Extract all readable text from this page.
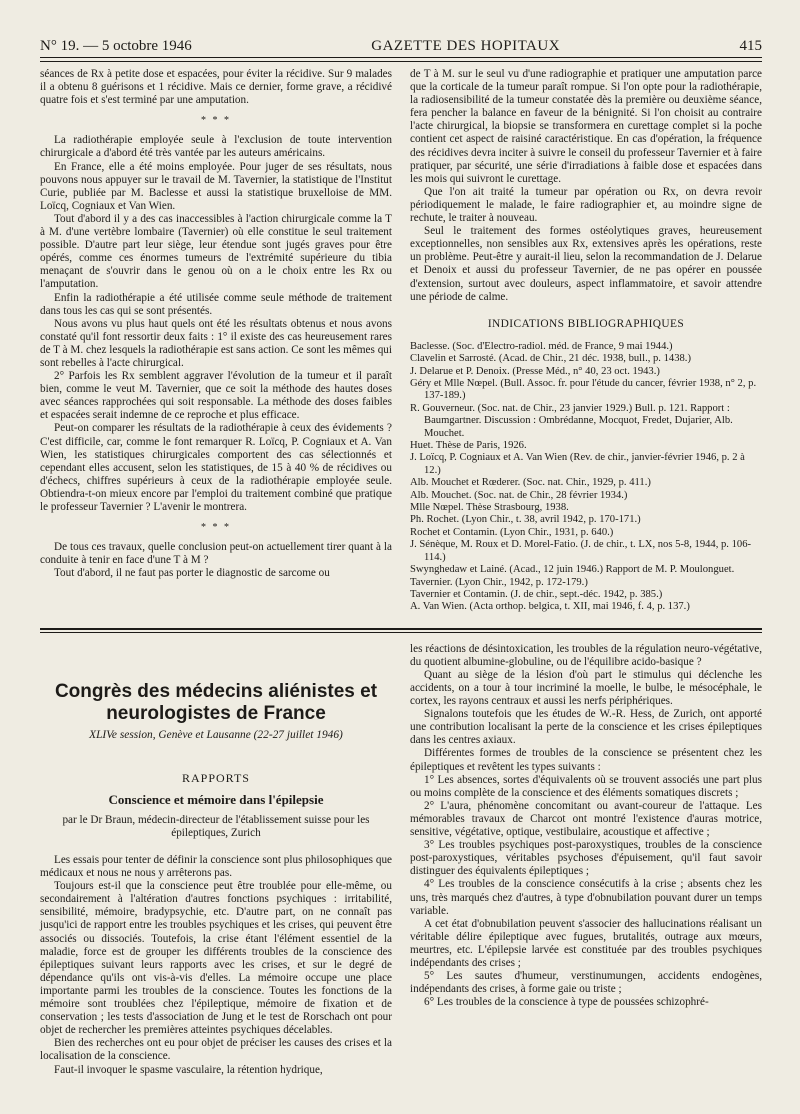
N° 19. — 5 octobre 1946	GAZETTE DES HOPITAUX	415

séances de Rx à petite dose et espacées, pour éviter la récidive. Sur 9 malades il a obtenu 8 guérisons et 1 récidive. Mais ce dernier, forme grave, a récidivé quatre fois et s'est terminé par une amputation.

* * *

La radiothérapie employée seule à l'exclusion de toute intervention chirurgicale a d'abord été très vantée par les auteurs américains.

En France, elle a été moins employée. Pour juger de ses résultats, nous pouvons nous appuyer sur le travail de M. Tavernier, la statistique de l'Institut Curie, publiée par M. Baclesse et aussi la statistique bruxelloise de MM. Loïcq, Cogniaux et Van Wien.

Tout d'abord il y a des cas inaccessibles à l'action chirurgicale comme la T à M. d'une vertèbre lombaire (Tavernier) où elle constitue le seul traitement possible. D'autre part leur siège, leur étendue sont jugés graves pour être opérés, comme ces énormes tumeurs de l'extrémité supérieure du tibia menaçant de s'ouvrir dans le genou où on a le choix entre les Rx ou l'amputation.

Enfin la radiothérapie a été utilisée comme seule méthode de traitement dans tous les cas qui se sont présentés.

Nous avons vu plus haut quels ont été les résultats obtenus et nous avons constaté qu'il font ressortir deux faits : 1° il existe des cas heureusement rares de T à M. chez lesquels la radiothérapie est sans action. Ce sont les mêmes qui sont rebelles à l'acte chirurgical.

2° Parfois les Rx semblent aggraver l'évolution de la tumeur et il paraît bien, comme le veut M. Tavernier, que ce soit la méthode des hautes doses avec séances rapprochées qui soit responsable. La méthode des doses faibles et espacées serait indemne de ce reproche et plus efficace.

Peut-on comparer les résultats de la radiothérapie à ceux des évidements ? C'est difficile, car, comme le font remarquer R. Loïcq, P. Cogniaux et A. Van Wien, les statistiques chirurgicales comportent des cas sélectionnés et cependant elles accusent, selon les statistiques, de 15 à 40 % de récidives ou d'échecs, chiffres supérieurs à ceux de la radiothérapie employée seule. Obtiendra-t-on mieux encore par l'emploi du traitement combiné que pratique le professeur Tavernier ? L'avenir le montrera.

* * *

De tous ces travaux, quelle conclusion peut-on actuellement tirer quant à la conduite à tenir en face d'une T à M ?

Tout d'abord, il ne faut pas porter le diagnostic de sarcome ou

de T à M. sur le seul vu d'une radiographie et pratiquer une amputation parce que la corticale de la tumeur paraît rompue. Si l'on opte pour la radiothérapie, la radiosensibilité de la tumeur constatée dès la première ou deuxième séance, fera pencher la balance en faveur de la bénignité. Si l'on choisit au contraire l'acte chirurgical, la biopsie se transformera en curettage complet si la poche contient cet aspect de raisiné caractéristique. En cas d'opération, la fréquence des récidives devra inciter à suivre le conseil du professeur Tavernier et à faire pratiquer, par sécurité, une série d'irradiations à faible dose et espacées dans les mois qui suivront le curettage.

Que l'on ait traité la tumeur par opération ou Rx, on devra revoir périodiquement le malade, le faire radiographier et, au moindre signe de rechute, le traiter à nouveau.

Seul le traitement des formes ostéolytiques graves, heureusement exceptionnelles, non sensibles aux Rx, extensives après les opérations, reste un problème. Peut-être y aurait-il lieu, selon la recommandation de J. Delarue et Denoix et aussi du professeur Tavernier, de ne pas opérer en poussée d'extension, surtout avec douleurs, aspect inflammatoire, et savoir attendre une période de calme.

INDICATIONS BIBLIOGRAPHIQUES
Baclesse. (Soc. d'Electro-radiol. méd. de France, 9 mai 1944.)
Clavelin et Sarrosté. (Acad. de Chir., 21 déc. 1938, bull., p. 1438.)
J. Delarue et P. Denoix. (Presse Méd., n° 40, 23 oct. 1943.)
Géry et Mlle Nœpel. (Bull. Assoc. fr. pour l'étude du cancer, février 1938, n° 2, p. 137-189.)
R. Gouverneur. (Soc. nat. de Chir., 23 janvier 1929.) Bull. p. 121. Rapport : Baumgartner. Discussion : Ombrédanne, Mocquot, Fredet, Dujarier, Alb. Mouchet.
Huet. Thèse de Paris, 1926.
J. Loïcq, P. Cogniaux et A. Van Wien (Rev. de chir., janvier-février 1946, p. 2 à 12.)
Alb. Mouchet et Rœderer. (Soc. nat. Chir., 1929, p. 411.)
Alb. Mouchet. (Soc. nat. de Chir., 28 février 1934.)
Mlle Nœpel. Thèse Strasbourg, 1938.
Ph. Rochet. (Lyon Chir., t. 38, avril 1942, p. 170-171.)
Rochet et Contamin. (Lyon Chir., 1931, p. 640.)
J. Sénèque, M. Roux et D. Morel-Fatio. (J. de chir., t. LX, nos 5-8, 1944, p. 106-114.)
Swynghedaw et Lainé. (Acad., 12 juin 1946.) Rapport de M. P. Moulonguet.
Tavernier. (Lyon Chir., 1942, p. 172-179.)
Tavernier et Contamin. (J. de chir., sept.-déc. 1942, p. 385.)
A. Van Wien. (Acta orthop. belgica, t. XII, mai 1946, f. 4, p. 137.)
Congrès des médecins aliénistes et neurologistes de France
XLIVe session, Genève et Lausanne (22-27 juillet 1946)
RAPPORTS
Conscience et mémoire dans l'épilepsie
par le Dr Braun, médecin-directeur de l'établissement suisse pour les épileptiques, Zurich

Les essais pour tenter de définir la conscience sont plus philosophiques que médicaux et nous ne nous y arrêterons pas.

Toujours est-il que la conscience peut être troublée pour elle-même, ou secondairement à l'altération d'autres fonctions psychiques : irritabilité, sensibilité, mémoire, bradypsychie, etc. D'autre part, on ne connaît pas jusqu'ici de rapport entre les troubles psychiques et les crises, qui peuvent être associés ou dissociés. Toutefois, la crise étant l'élément essentiel de la maladie, force est de grouper les différents troubles de la conscience des épileptiques suivant leurs rapports avec les crises, et sur le degré de dépendance qu'ils ont vis-à-vis d'elles. La mémoire occupe une place importante parmi les troubles de la conscience. Toutes les fonctions de la mémoire sont troublées chez l'épileptique, mémoire de fixation et de conservation ; les tests d'association de Jung et le test de Rorschach ont pour objet de rechercher les premières atteintes psychiques décelables.

Bien des recherches ont eu pour objet de préciser les causes des crises et la localisation de la conscience.

Faut-il invoquer le spasme vasculaire, la rétention hydrique,

les réactions de désintoxication, les troubles de la régulation neuro-végétative, du quotient albumine-globuline, ou de l'équilibre acido-basique ?

Quant au siège de la lésion d'où part le stimulus qui déclenche les accidents, on a tour à tour incriminé la moelle, le bulbe, le mésocéphale, le cortex, les rayons centraux et aussi les nerfs périphériques.

Signalons toutefois que les études de W.-R. Hess, de Zurich, ont apporté une contribution localisant la perte de la conscience et les crises épileptiques dans les centres axiaux.

Différentes formes de troubles de la conscience se présentent chez les épileptiques et revêtent les types suivants :

1° Les absences, sortes d'équivalents où se trouvent associés une part plus ou moins complète de la conscience et des éléments somatiques discrets ;

2° L'aura, phénomène concomitant ou avant-coureur de l'attaque. Les mémorables travaux de Charcot ont montré l'existence d'auras motrice, sensitive, végétative, optique, vestibulaire, acoustique et affective ;

3° Les troubles psychiques post-paroxystiques, troubles de la conscience post-paroxystiques, véritables psychoses d'épuisement, qu'il faut savoir distinguer des équivalents épileptiques ;

4° Les troubles de la conscience consécutifs à la crise ; absents chez les uns, très marqués chez d'autres, à type d'obnubilation pouvant durer un temps variable.

A cet état d'obnubilation peuvent s'associer des hallucinations réalisant un véritable délire épileptique avec fugues, brutalités, outrage aux mœurs, meurtres, etc. L'épilepsie larvée est constituée par des troubles psychiques indépendants des crises ;

5° Les sautes d'humeur, verstinumungen, accidents endogènes, indépendants des crises, à forme gaie ou triste ;

6° Les troubles de la conscience à type de poussées schizophré-
